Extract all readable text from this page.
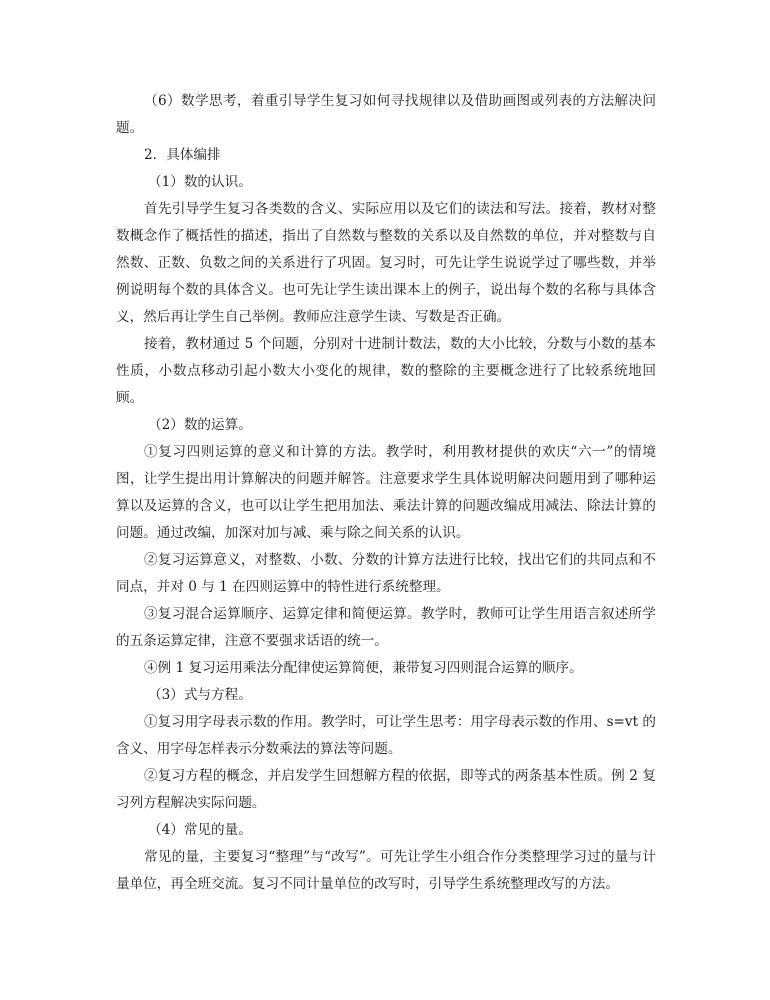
（6）数学思考，着重引导学生复习如何寻找规律以及借助画图或列表的方法解决问题。

2．具体编排

（1）数的认识。

首先引导学生复习各类数的含义、实际应用以及它们的读法和写法。接着，教材对整数概念作了概括性的描述，指出了自然数与整数的关系以及自然数的单位，并对整数与自然数、正数、负数之间的关系进行了巩固。复习时，可先让学生说说学过了哪些数，并举例说明每个数的具体含义。也可先让学生读出课本上的例子，说出每个数的名称与具体含义，然后再让学生自己举例。教师应注意学生读、写数是否正确。

接着，教材通过 5 个问题，分别对十进制计数法，数的大小比较，分数与小数的基本性质，小数点移动引起小数大小变化的规律，数的整除的主要概念进行了比较系统地回顾。

（2）数的运算。

①复习四则运算的意义和计算的方法。教学时，利用教材提供的欢庆“六一”的情境图，让学生提出用计算解决的问题并解答。注意要求学生具体说明解决问题用到了哪种运算以及运算的含义，也可以让学生把用加法、乘法计算的问题改编成用减法、除法计算的问题。通过改编，加深对加与减、乘与除之间关系的认识。

②复习运算意义，对整数、小数、分数的计算方法进行比较，找出它们的共同点和不同点，并对 0 与 1 在四则运算中的特性进行系统整理。

③复习混合运算顺序、运算定律和简便运算。教学时，教师可让学生用语言叙述所学的五条运算定律，注意不要强求话语的统一。

④例 1 复习运用乘法分配律使运算简便，兼带复习四则混合运算的顺序。

（3）式与方程。

①复习用字母表示数的作用。教学时，可让学生思考：用字母表示数的作用、s=vt 的含义、用字母怎样表示分数乘法的算法等问题。

②复习方程的概念，并启发学生回想解方程的依据，即等式的两条基本性质。例 2 复习列方程解决实际问题。

（4）常见的量。

常见的量，主要复习“整理”与“改写”。可先让学生小组合作分类整理学习过的量与计量单位，再全班交流。复习不同计量单位的改写时，引导学生系统整理改写的方法。
